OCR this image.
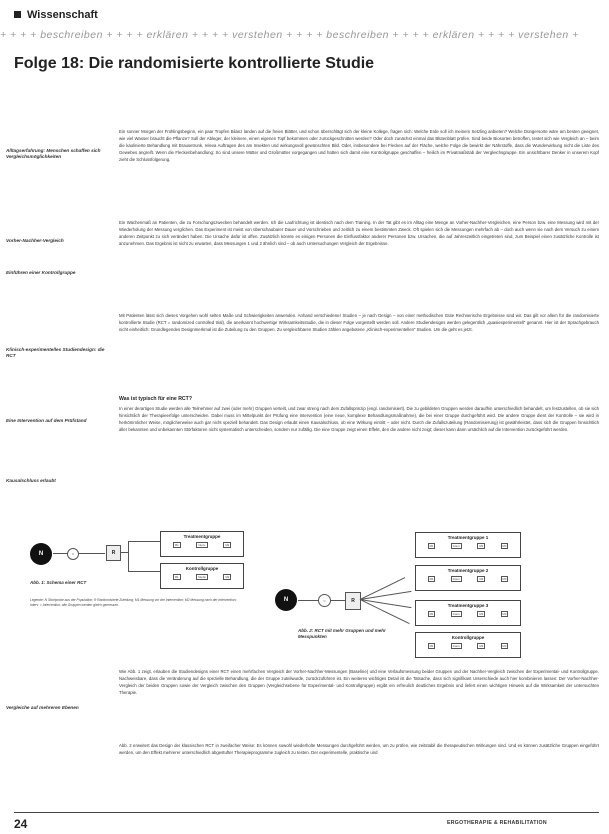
Wissenschaft
+ + + + beschreiben + + + + erklären + + + + verstehen + + + + beschreiben + + + + erklären + + + + verstehen +
Folge 18: Die randomisierte kontrollierte Studie
Alltagserfahrung: Menschen schaffen sich Vergleichsmöglichkeiten
Vorher-Nachher-Vergleich
Einführen einer Kontrollgruppe
Klinisch-experimentelles Studiendesign: die RCT
Eine Intervention auf dem Prüfstand
Kausalschluss erlaubt
Vergleiche auf mehreren Ebenen
Ein sonner Morgen der Frühlingsbeginn, ein paar Tropfen Bilanz landen auf die freien Blätter, und schon überschlägt sich der kleine Kollege, fragen sich: Welche Erde soll ich meinem Setzling anbieten? Welche Düngersorte wäre am besten geeignet, wie viel Wasser braucht die Pflanze? Soll der Ableger, der kleinere, einen eigenen Topf bekommen oder zurückgeschnitten werden? Oder doch zunächst einmal das Blütenblatt prüfen. Sind beide Biosorten betroffen, testet sich wie Vergleich an – beim die kaolinierte Behandlung mit Brausetrunk, releva Auftragen des am Insekten und wirkungsvoll gewünschten Bild. Oder, insbesondere bei Flecken auf der Fläche, welche Folge die bewirkt der Nährstoffe, dass die Wunderwirkung nicht die Liste des Gewebes angreift. Wenn die Fleckenbehandlung: So sind unsere Mütter und Großmütter vorgegangen und hatten sich damit eine Kontrollgruppe geschaffen – freilich im Privatmaßstab der Vergleichsgruppe. Ein unsichtbarer Denker in unserem Kopf zieht die Schlussfolgerung.
Ein Wachenmaß an Patienten, die zu Forschungszwecken behandelt werden. Ich die Laufrichtung ist identisch nach dem Training. In der Tat gibt es im Alltag eine Menge an Vorher-Nachher-Vergleichen, eine Person bzw. eine Messung wird mit der Wiederholung der Messung verglichen. Das Experiment ist meist von überschaubarer Dauer und Vorschrieben und zeitlich zu einem bestimmten Zweck. Oft spielen sich die Messungen mehrfach ab – doch auch wenn sie nach dem Versuch zu einem anderen Zeitpunkt zu sich verändert haben: Die Ursache dafür ist offen. Zusätzlich könnte es einigen Personen die Einflussfaktor anderer Personen bzw. Ursachen, die auf Jahreszeitlich eingetreten sind, zum Beispiel einen zusätzliche Kontrolle ist anzunehmen. Das Ergebnis ist nicht zu erwarten, dass Messungen 1 und 2 ähnlich sind – ob auch Untersuchungen Vergleich der Ergebnisse.
Mit Patienten lässt sich dieses Vorgehen wohl selten Maße und Schwierigkeiten anwenden. Anhand verschiedener Studien – je nach Design – von einer methodischen Güte Rechnerische Ergebnisse sind wir. Das gilt vor allem für die randomisierte kontrollierte Studie (RCT = randomized controlled trial), die anerkannt hochwertige Wirksamkeitsstudie, die in dieser Folge vorgestellt werden soll. Andere Studiendesigns werden gelegentlich „quasiexperimentell“ genannt. Hier ist der Sprachgebrauch nicht einheitlich: Grundlegendes Designmerkmal ist die Zuteilung zu den Gruppen. Zu vergleichbaren Studien zählen angebotene „Klinisch-experimentellen“ Studien. Um die geht es jetzt.
Was ist typisch für eine RCT?
In einer derartigen Studie werden alle Teilnehmer auf zwei (oder mehr) Gruppen verteilt, und zwar streng nach dem Zufallsprinzip (engl. randomisiert). Die zu gebildeten Gruppen werden daraufhin unterschiedlich behandelt, um festzustellen, ob sie sich hinsichtlich der Therapieerfolge unterscheiden. Dabei muss im Mittelpunkt der Prüfung eine Intervention (eine neue, komplexe Behandlungsmaßnahme), die bei einer Gruppe durchgeführt wird. Die andere Gruppe dient der Kontrolle – sie wird in herkömmlicher Weise, möglicherweise auch gar nicht speziell behandelt. Das Design erlaubt einen Kausalschluss, ob eine Wirkung eintritt – oder nicht. Durch die Zufallszuteilung (Randomisierung) ist gewährleistet, dass sich die Gruppen hinsichtlich aller bekannten und unbekannten Störfaktoren nicht systematisch unterscheiden, sondern nur zufällig. Die eine Gruppe zeigt einen Effekt, den die andere nicht zeigt; dieser kann dann ursächlich auf die Intervention zurückgeführt werden.
N	○	R
Treatmentgruppe
M1	Interv.	M2
Kontrollgruppe
M1	Studie	M2
Abb. 1: Schema einer RCT
Legende: N Stichprobe aus der Population; R Randomisierte Zuteilung; M1 Messung vor der Intervention; M2 Messung nach der Intervention; Interv. = Intervention; alle Gruppen werden gleich gemessen.
N	○	R
Treatmentgruppe 1
M1	Interv.	M2	M3
Treatmentgruppe 2
M1	Interv.	M2	M3
Treatmentgruppe 3
M1	Interv.	M2	M3
Kontrollgruppe
M1	Interv.	M2	M3
Abb. 2: RCT mit mehr Gruppen und mehr Messpunkten
Wie Abb. 1 zeigt, erlauben die Studiendesigns einer RCT einen mehrfachen Vergleich der Vorher-Nachher-Messungen (Baseline) und eine Verlaufsmessung beider Gruppen und der Nachher-Vergleich zwischen der Experimental- und Kontrollgruppe. Nachweisbare, dass die Veränderung auf die spezielle Behandlung, die der Gruppe zuteilwurde, zurückzuführen ist. Ein weiteres wichtiges Detail ist die Tatsache, dass sich signifikant Unterschiede auch hier kombinieren lassen: Der Vorher-Nachher-Vergleich der beiden Gruppen sowie der Vergleich zwischen den Gruppen (Vergleichsebene für Experimental- und Kontrollgruppe) ergibt ein erfreulich deutliches Ergebnis und liefert einen wichtigen Hinweis auf die Wirksamkeit der untersuchten Therapie.
Abb. 2 erweitert das Design der klassischen RCT in zweifacher Weise: Es können sowohl wiederholte Messungen durchgeführt werden, um zu prüfen, wie zeitstabil die therapeutischen Wirkungen sind. Und es können zusätzliche Gruppen eingeführt werden, um den Effekt mehrerer unterschiedlich abgestufter Therapieprogramme zugleich zu testen. Der experimentelle, praktische und
24	ERGOTHERAPIE & REHABILITATION
